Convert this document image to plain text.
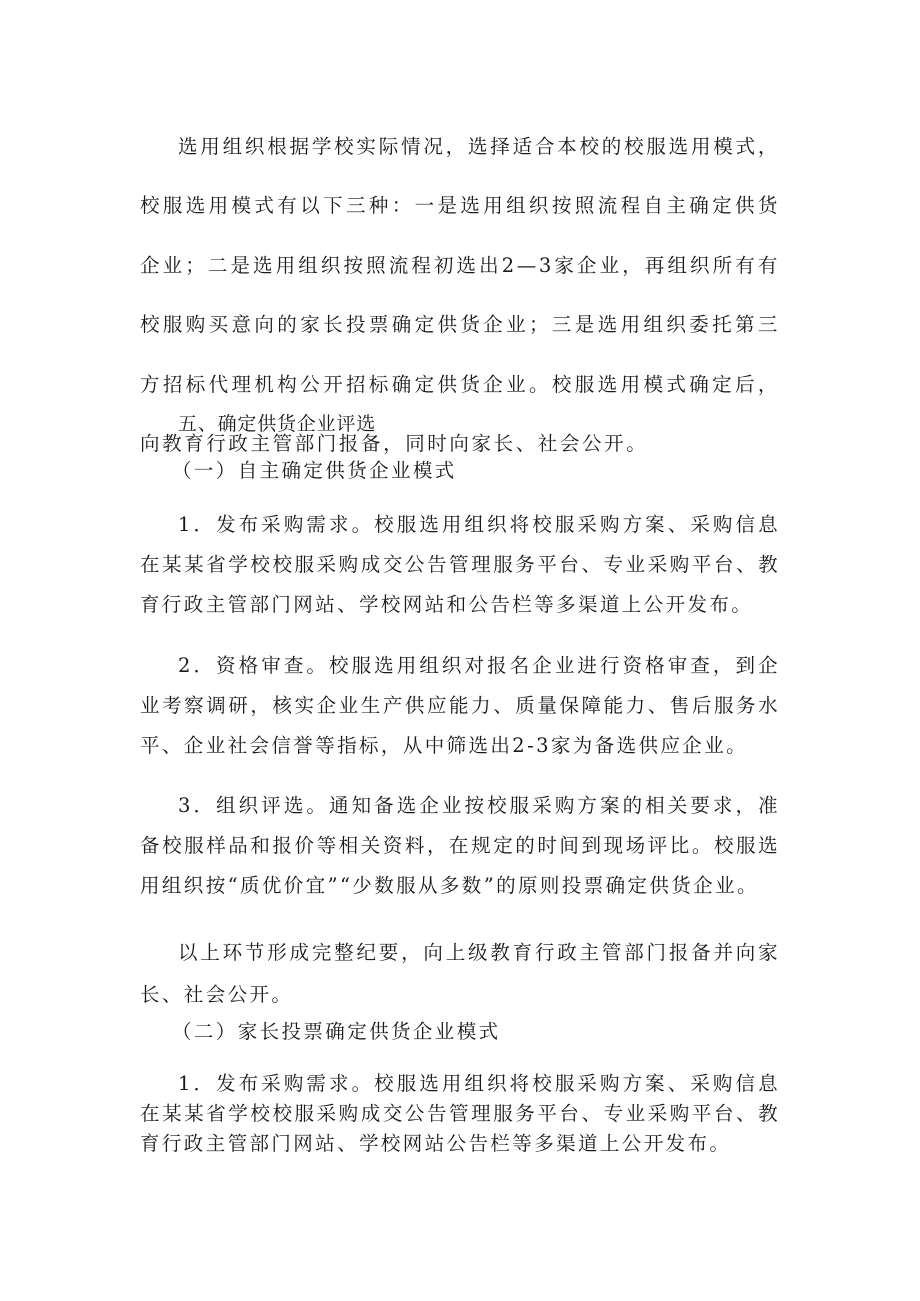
选用组织根据学校实际情况，选择适合本校的校服选用模式，校服选用模式有以下三种：一是选用组织按照流程自主确定供货企业；二是选用组织按照流程初选出2—3家企业，再组织所有有校服购买意向的家长投票确定供货企业；三是选用组织委托第三方招标代理机构公开招标确定供货企业。校服选用模式确定后，向教育行政主管部门报备，同时向家长、社会公开。

五、确定供货企业评选

（一）自主确定供货企业模式

1．发布采购需求。校服选用组织将校服采购方案、采购信息在某某省学校校服采购成交公告管理服务平台、专业采购平台、教育行政主管部门网站、学校网站和公告栏等多渠道上公开发布。

2．资格审查。校服选用组织对报名企业进行资格审查，到企业考察调研，核实企业生产供应能力、质量保障能力、售后服务水平、企业社会信誉等指标，从中筛选出2-3家为备选供应企业。

3．组织评选。通知备选企业按校服采购方案的相关要求，准备校服样品和报价等相关资料，在规定的时间到现场评比。校服选用组织按“质优价宜”“少数服从多数”的原则投票确定供货企业。

以上环节形成完整纪要，向上级教育行政主管部门报备并向家长、社会公开。

（二）家长投票确定供货企业模式

1．发布采购需求。校服选用组织将校服采购方案、采购信息在某某省学校校服采购成交公告管理服务平台、专业采购平台、教育行政主管部门网站、学校网站公告栏等多渠道上公开发布。
